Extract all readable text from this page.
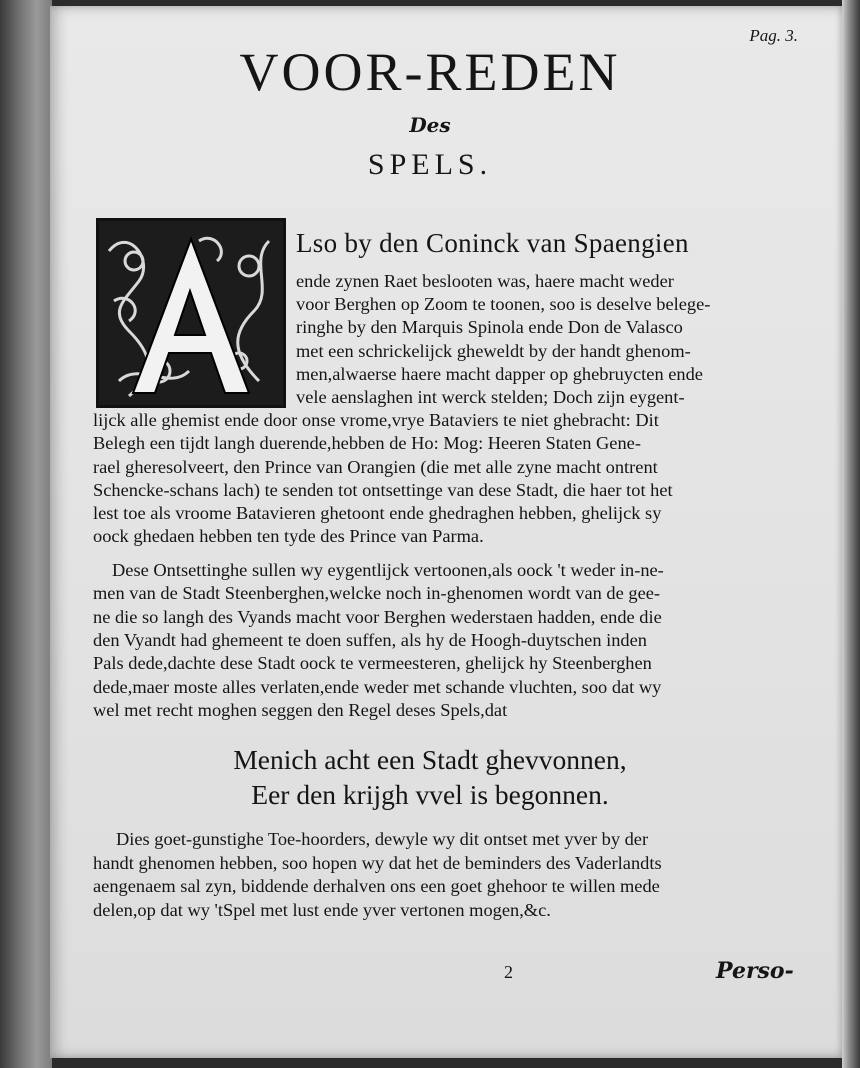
Pag. 3.
VOOR-REDEN
Des
SPELS.
A
Lso by den Coninck van Spaengien
ende zynen Raet beslooten was, haere macht weder
voor Berghen op Zoom te toonen, soo is deselve belege-
ringhe by den Marquis Spinola ende Don de Valasco
met een schrickelijck gheweldt by der handt ghenom-
men,alwaerse haere macht dapper op ghebruycten ende
vele aenslaghen int werck stelden; Doch zijn eygent-
lijck alle ghemist ende door onse vrome,vrye Bataviers te niet ghebracht: Dit
Belegh een tijdt langh duerende,hebben de Ho: Mog: Heeren Staten Gene-
rael gheresolveert, den Prince van Orangien (die met alle zyne macht ontrent
Schencke-schans lach) te senden tot ontsettinge van dese Stadt, die haer tot het
lest toe als vroome Batavieren ghetoont ende ghedraghen hebben, ghelijck sy
oock ghedaen hebben ten tyde des Prince van Parma.
Dese Ontsettinghe sullen wy eygentlijck vertoonen,als oock 't weder in-ne-
men van de Stadt Steenberghen,welcke noch in-ghenomen wordt van de gee-
ne die so langh des Vyands macht voor Berghen wederstaen hadden, ende die
den Vyandt had ghemeent te doen suffen, als hy de Hoogh-duytschen inden
Pals dede,dachte dese Stadt oock te vermeesteren, ghelijck hy Steenberghen
dede,maer moste alles verlaten,ende weder met schande vluchten, soo dat wy
wel met recht moghen seggen den Regel deses Spels,dat
Menich acht een Stadt ghevvonnen,
Eer den krijgh vvel is begonnen.
Dies goet-gunstighe Toe-hoorders, dewyle wy dit ontset met yver by der
handt ghenomen hebben, soo hopen wy dat het de beminders des Vaderlandts
aengenaem sal zyn, biddende derhalven ons een goet ghehoor te willen mede
delen,op dat wy 'tSpel met lust ende yver vertonen mogen,&c.
2	Perso-
